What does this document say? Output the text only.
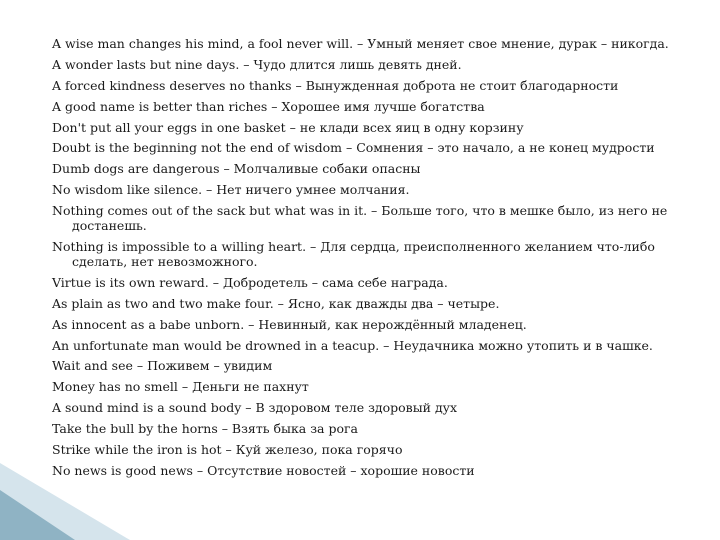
A wise man changes his mind, a fool never will. – Умный меняет свое мнение, дурак – никогда.
A wonder lasts but nine days. – Чудо длится лишь девять дней.
A forced kindness deserves no thanks – Вынужденная доброта не стоит благодарности
A good name is better than riches – Хорошее имя лучше богатства
Don't put all your eggs in one basket – не клади всех яиц в одну корзину
Doubt is the beginning not the end of wisdom – Сомнения – это начало, а не конец мудрости
Dumb dogs are dangerous – Молчаливые собаки опасны
No wisdom like silence. – Нет ничего умнее молчания.
Nothing comes out of the sack but what was in it. – Больше того, что в мешке было, из него не достанешь.
Nothing is impossible to a willing heart. – Для сердца, преисполненного желанием что-либо сделать, нет невозможного.
Virtue is its own reward. – Добродетель – сама себе награда.
As plain as two and two make four. – Ясно, как дважды два – четыре.
As innocent as a babe unborn. – Невинный, как нерождённый младенец.
An unfortunate man would be drowned in a teacup. – Неудачника можно утопить и в чашке.
Wait and see – Поживем – увидим
Money has no smell – Деньги не пахнут
A sound mind is a sound body – В здоровом теле здоровый дух
Take the bull by the horns – Взять быка за рога
Strike while the iron is hot – Куй железо, пока горячо
No news is good news – Отсутствие новостей – хорошие новости
